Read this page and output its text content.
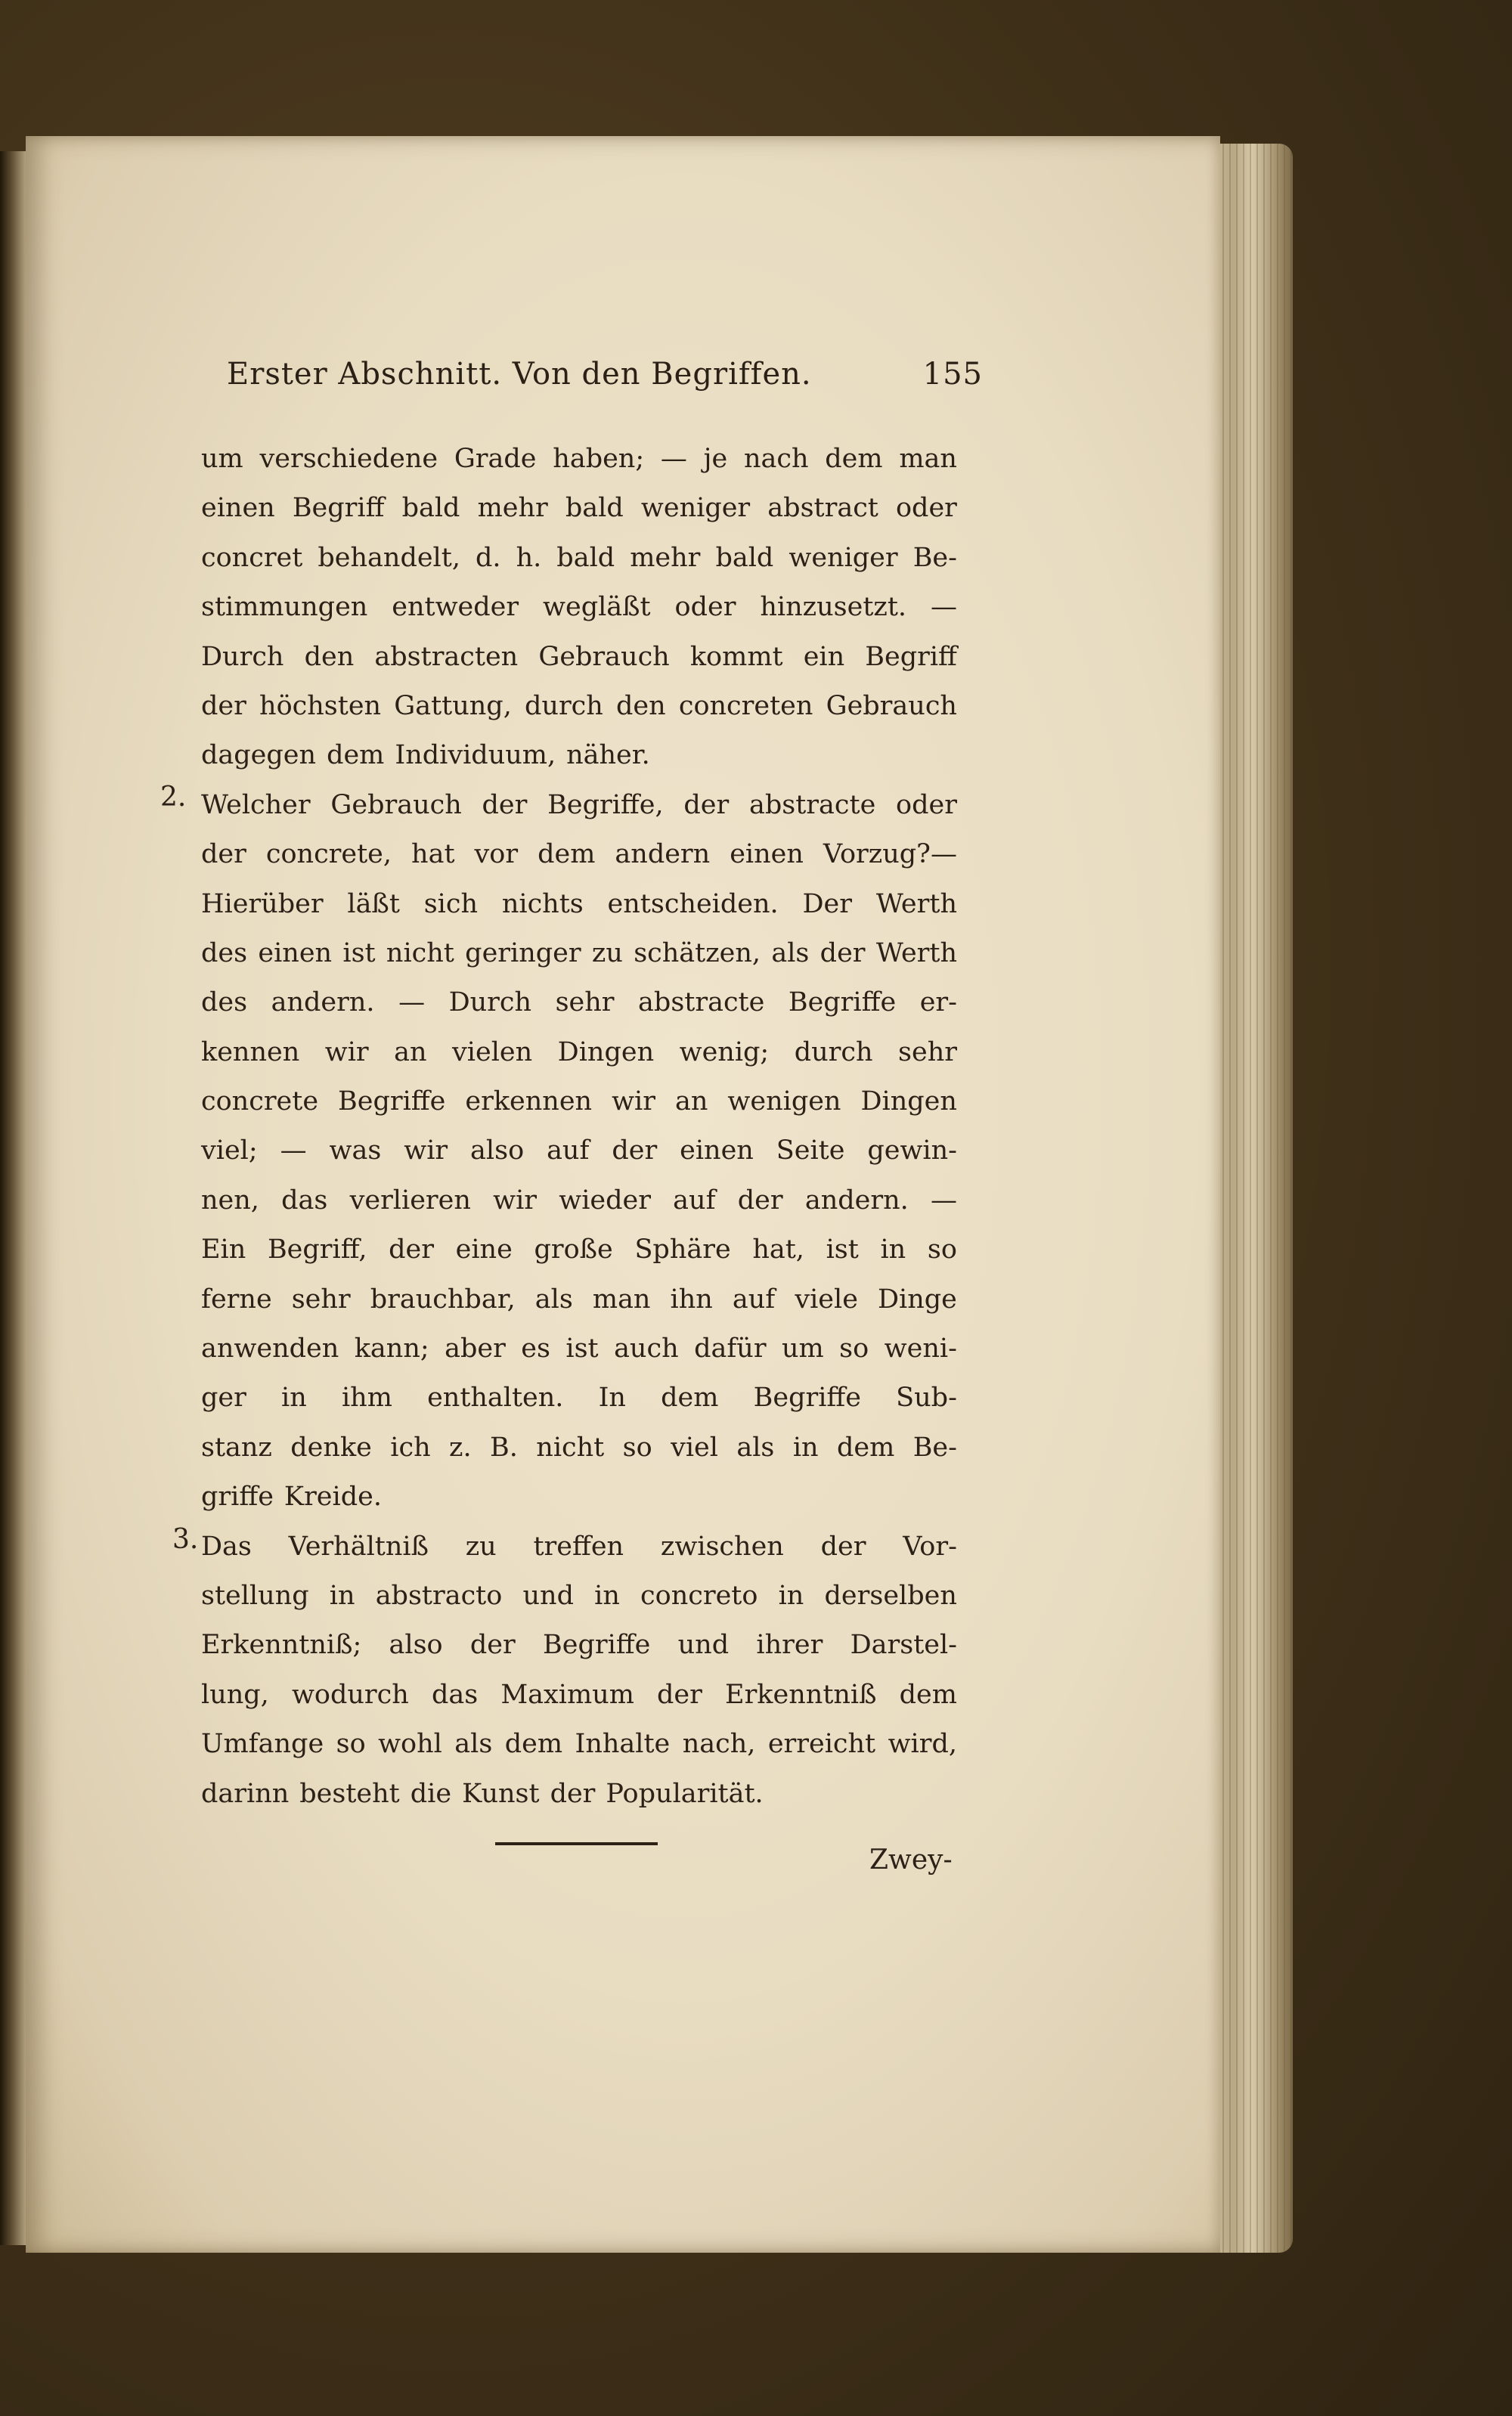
Erster Abschnitt. Von den Begriffen.	155
2.
3.
um verschiedene Grade haben; — je nach dem man
einen Begriff bald mehr bald weniger abstract oder
concret behandelt, d. h. bald mehr bald weniger Be-
stimmungen entweder wegläßt oder hinzusetzt. —
Durch den abstracten Gebrauch kommt ein Begriff
der höchsten Gattung, durch den concreten Gebrauch
dagegen dem Individuum, näher.
Welcher Gebrauch der Begriffe, der abstracte oder
der concrete, hat vor dem andern einen Vorzug?—
Hierüber läßt sich nichts entscheiden. Der Werth
des einen ist nicht geringer zu schätzen, als der Werth
des andern. — Durch sehr abstracte Begriffe er-
kennen wir an vielen Dingen wenig; durch sehr
concrete Begriffe erkennen wir an wenigen Dingen
viel; — was wir also auf der einen Seite gewin-
nen, das verlieren wir wieder auf der andern. —
Ein Begriff, der eine große Sphäre hat, ist in so
ferne sehr brauchbar, als man ihn auf viele Dinge
anwenden kann; aber es ist auch dafür um so weni-
ger in ihm enthalten. In dem Begriffe Sub-
stanz denke ich z. B. nicht so viel als in dem Be-
griffe Kreide.
Das Verhältniß zu treffen zwischen der Vor-
stellung in abstracto und in concreto in derselben
Erkenntniß; also der Begriffe und ihrer Darstel-
lung, wodurch das Maximum der Erkenntniß dem
Umfange so wohl als dem Inhalte nach, erreicht wird,
darinn besteht die Kunst der Popularität.
Zwey-
